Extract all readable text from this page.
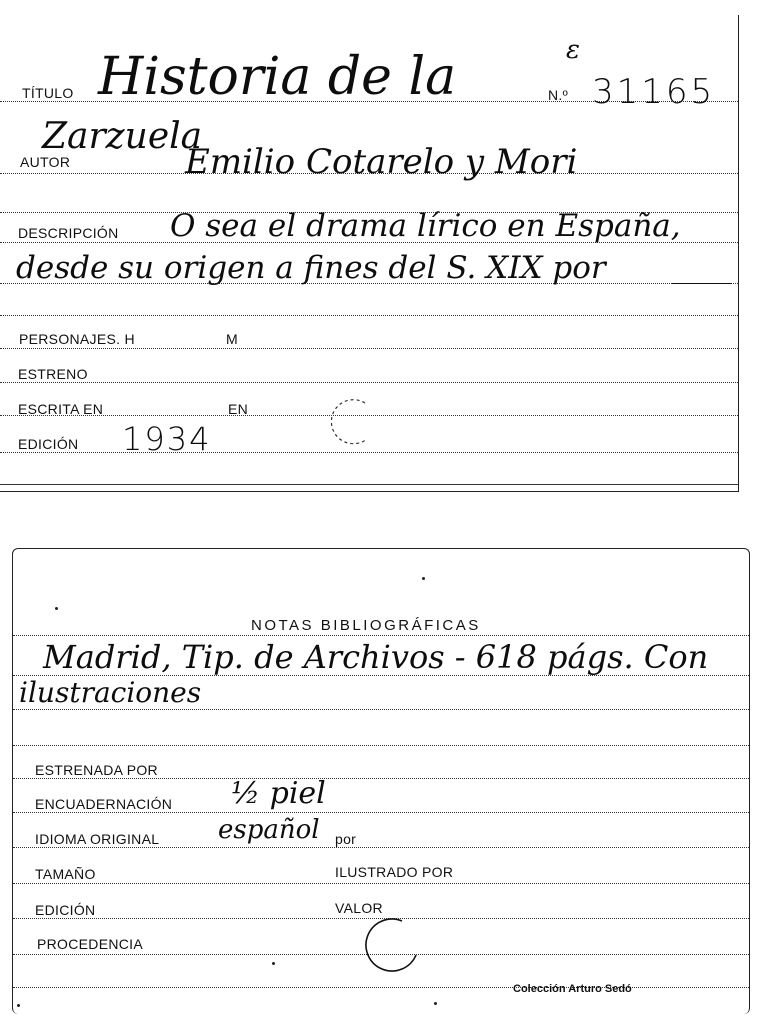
ε
TÍTULO Historia de la	N.º 31165
Zarzuela
AUTOR	Emilio Cotarelo y Mori
DESCRIPCIÓN O sea el drama lírico en España,
desde su origen a fines del S. XIX por
PERSONAJES. H	M
ESTRENO
ESCRITA EN	EN
EDICIÓN 1934
NOTAS BIBLIOGRÁFICAS
Madrid, Tip. de Archivos - 618 págs. Con
ilustraciones
ESTRENADA POR
ENCUADERNACIÓN ½ piel
IDIOMA ORIGINAL español por
TAMAÑO	ILUSTRADO POR
EDICIÓN	VALOR
PROCEDENCIA
Colección Arturo Sedó
